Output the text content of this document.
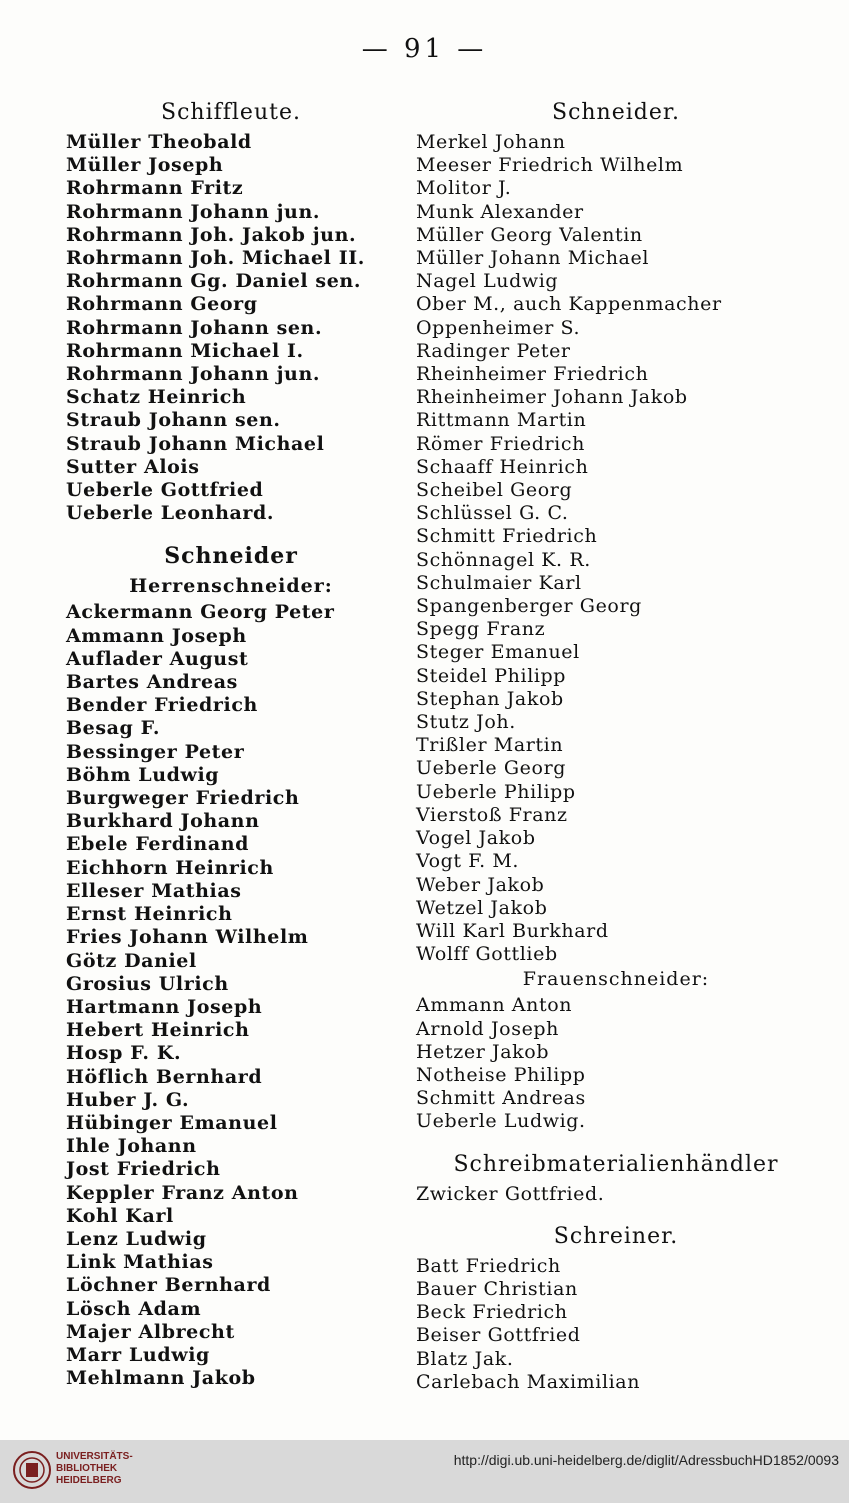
— 91 —
Schiffleute.
Müller Theobald
Müller Joseph
Rohrmann Fritz
Rohrmann Johann jun.
Rohrmann Joh. Jakob jun.
Rohrmann Joh. Michael II.
Rohrmann Gg. Daniel sen.
Rohrmann Georg
Rohrmann Johann sen.
Rohrmann Michael I.
Rohrmann Johann jun.
Schatz Heinrich
Straub Johann sen.
Straub Johann Michael
Sutter Alois
Ueberle Gottfried
Ueberle Leonhard.
Schneider
Herrenschneider:
Ackermann Georg Peter
Ammann Joseph
Auflader August
Bartes Andreas
Bender Friedrich
Besag F.
Bessinger Peter
Böhm Ludwig
Burgweger Friedrich
Burkhard Johann
Ebele Ferdinand
Eichhorn Heinrich
Elleser Mathias
Ernst Heinrich
Fries Johann Wilhelm
Götz Daniel
Grosius Ulrich
Hartmann Joseph
Hebert Heinrich
Hosp F. K.
Höflich Bernhard
Huber J. G.
Hübinger Emanuel
Ihle Johann
Jost Friedrich
Keppler Franz Anton
Kohl Karl
Lenz Ludwig
Link Mathias
Löchner Bernhard
Lösch Adam
Majer Albrecht
Marr Ludwig
Mehlmann Jakob
Schneider.
Merkel Johann
Meeser Friedrich Wilhelm
Molitor J.
Munk Alexander
Müller Georg Valentin
Müller Johann Michael
Nagel Ludwig
Ober M., auch Kappenmacher
Oppenheimer S.
Radinger Peter
Rheinheimer Friedrich
Rheinheimer Johann Jakob
Rittmann Martin
Römer Friedrich
Schaaff Heinrich
Scheibel Georg
Schlüssel G. C.
Schmitt Friedrich
Schönnagel K. R.
Schulmaier Karl
Spangenberger Georg
Spegg Franz
Steger Emanuel
Steidel Philipp
Stephan Jakob
Stutz Joh.
Trißler Martin
Ueberle Georg
Ueberle Philipp
Vierstoß Franz
Vogel Jakob
Vogt F. M.
Weber Jakob
Wetzel Jakob
Will Karl Burkhard
Wolff Gottlieb
Frauenschneider:
Ammann Anton
Arnold Joseph
Hetzer Jakob
Notheise Philipp
Schmitt Andreas
Ueberle Ludwig.
Schreibmaterialienhändler
Zwicker Gottfried.
Schreiner.
Batt Friedrich
Bauer Christian
Beck Friedrich
Beiser Gottfried
Blatz Jak.
Carlebach Maximilian
UNIVERSITÄTS-
BIBLIOTHEK
HEIDELBERG
http://digi.ub.uni-heidelberg.de/diglit/AdressbuchHD1852/0093
